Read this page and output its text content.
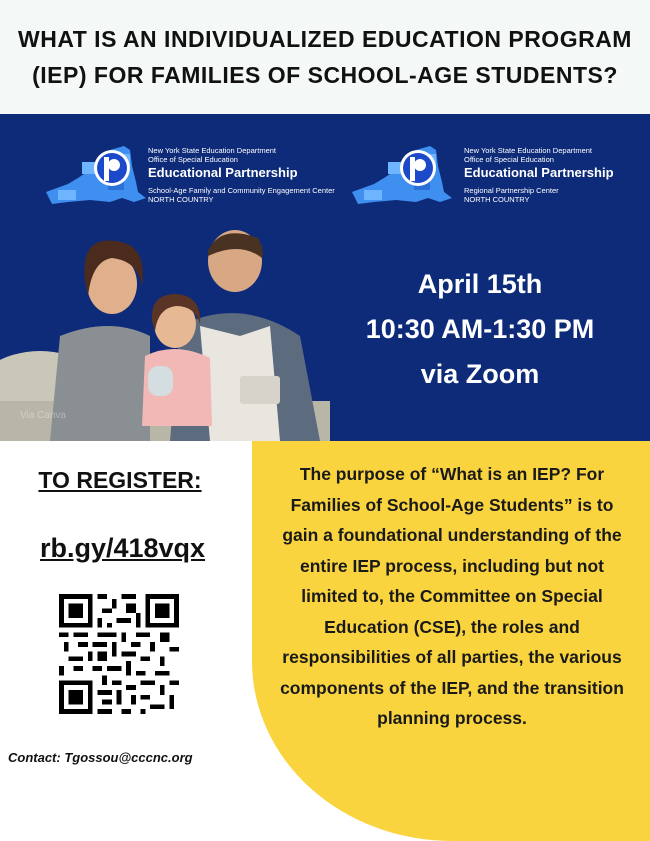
WHAT IS AN INDIVIDUALIZED EDUCATION PROGRAM
(IEP) FOR FAMILIES OF SCHOOL-AGE STUDENTS?
New York State Education Department
Office of Special Education
Educational Partnership
School-Age Family and Community Engagement Center
NORTH COUNTRY
New York State Education Department
Office of Special Education
Educational Partnership
Regional Partnership Center
NORTH COUNTRY
Via Canva
April 15th
10:30 AM-1:30 PM
via Zoom
TO REGISTER:
rb.gy/418vqx
Contact: Tgossou@cccnc.org
The purpose of “What is an IEP? For Families of School-Age Students” is to gain a foundational understanding of the entire IEP process, including but not limited to, the Committee on Special Education (CSE), the roles and responsibilities of all parties, the various components of the IEP, and the transition planning process.
